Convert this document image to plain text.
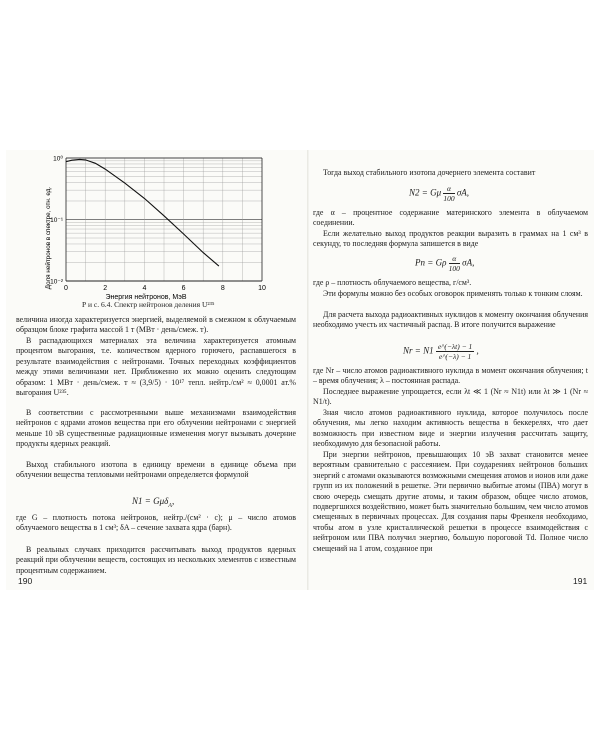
0	2	4	6	8	10
10⁰
10⁻¹
10⁻²
Энергия нейтронов, МэВ
Доля нейтронов в спектре, отн. ед.
Р и с. 6.4. Спектр нейтронов деления U²³⁵

величина иногда характеризуется энергией, выделяемой в смежном к облучаемым образцом блоке графита массой 1 т (МВт · день/смеж. т).

В распадающихся материалах эта величина характеризуется атомным процентом выгорания, т.е. количеством ядерного горючего, распавшегося в результате взаимодействия с нейтронами. Точных переходных коэффициентов между этими величинами нет. Приближенно их можно оценить следующим образом: 1 МВт · день/смеж. т ≈ (3,9/5) · 10¹⁷ тепл. нейтр./см² ≈ 0,0001 ат.% выгорания U²³⁵.

В соответствии с рассмотренными выше механизмами взаимодействия нейтронов с ядрами атомов вещества при его облучении нейтронами с энергией меньше 10 эВ существенные радиационные изменения могут вызывать дочерние продукты ядерных реакций.

Выход стабильного изотопа в единицу времени в единице объема при облучении вещества тепловыми нейтронами определяется формулой

N1 = Gμδ$_A$,

где G – плотность потока нейтронов, нейтр./(см² · с); μ – число атомов облучаемого вещества в 1 см³; δA – сечение захвата ядра (барн).

В реальных случаях приходится рассчитывать выход продуктов ядерных реакций при облучении веществ, состоящих из нескольких элементов с известным процентным содержанием.

190

Тогда выход стабильного изотопа дочернего элемента составит

N2 = Gμ $\frac{\alpha}{100} \sigma A$,

где α – процентное содержание материнского элемента в облучаемом соединении.

Если желательно выход продуктов реакции выразить в граммах на 1 см³ в секунду, то последняя формула запишется в виде

Pn = Gρ $\frac{\alpha}{100} \sigma A$,

где ρ – плотность облучаемого вещества, г/см³.

Эти формулы можно без особых оговорок применять только к тонким слоям.

Для расчета выхода радиоактивных нуклидов к моменту окончания облучения необходимо учесть их частичный распад. В итоге получится выражение

$Nr = N1 \frac{e\^{}(-\lambda t) - 1}{e\^{}(-\lambda) - 1}$ ,

где Nr – число атомов радиоактивного нуклида в момент окончания облучения; t – время облучения; λ – постоянная распада.

Последнее выражение упрощается, если λt ≪ 1 (Nr ≈ N1t) или λt ≫ 1 (Nr ≈ N1/t).

Зная число атомов радиоактивного нуклида, которое получилось после облучения, мы легко находим активность вещества в беккерелях, что дает возможность при известном виде и энергии излучения рассчитать защиту, необходимую для безопасной работы.

При энергии нейтронов, превышающих 10 эВ захват становится менее вероятным сравнительно с рассеянием. При соударениях нейтронов больших энергий с атомами оказываются возможными смещения атомов и ионов или даже групп из их положений в решетке. Эти первично выбитые атомы (ПВА) могут в свою очередь смещать другие атомы, и таким образом, общее число атомов, подвергшихся воздействию, может быть значительно большим, чем число атомов смещенных в первичных процессах. Для создания пары Френкеля необходимо, чтобы атом в узле кристаллической решетки в процессе взаимодействия с нейтроном или ПВА получил энергию, большую пороговой Td. Полное число смещений на 1 атом, созданное при

191
